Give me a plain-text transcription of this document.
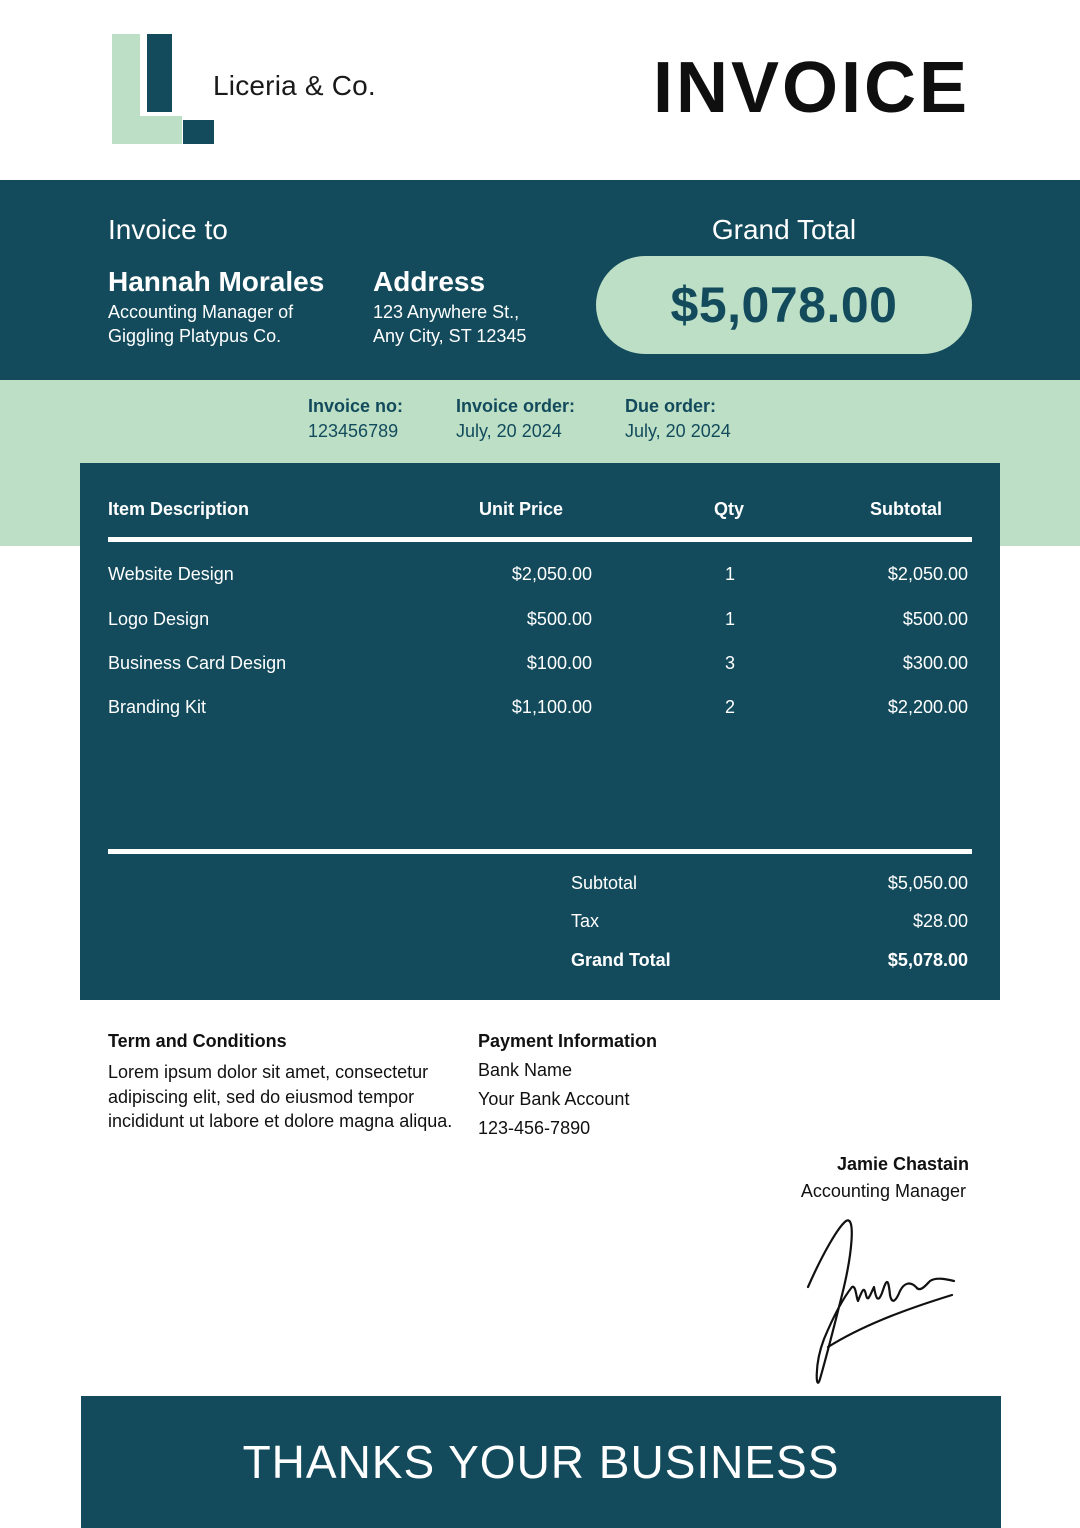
Liceria & Co.	INVOICE
Invoice to
Hannah Morales
Accounting Manager of
Giggling Platypus Co.
Address
123 Anywhere St.,
Any City, ST 12345
Grand Total
$5,078.00
Invoice no:
123456789
Invoice order:
July, 20 2024
Due order:
July, 20 2024
Item Description	Unit Price	Qty	Subtotal
Website Design	$2,050.00	1	$2,050.00
Logo Design	$500.00	1	$500.00
Business Card Design	$100.00	3	$300.00
Branding Kit	$1,100.00	2	$2,200.00
Subtotal	$5,050.00
Tax	$28.00
Grand Total	$5,078.00
Term and Conditions
Lorem ipsum dolor sit amet, consectetur adipiscing elit, sed do eiusmod tempor incididunt ut labore et dolore magna aliqua.
Payment Information
Bank Name
Your Bank Account
123-456-7890
Jamie Chastain
Accounting Manager
THANKS YOUR BUSINESS
